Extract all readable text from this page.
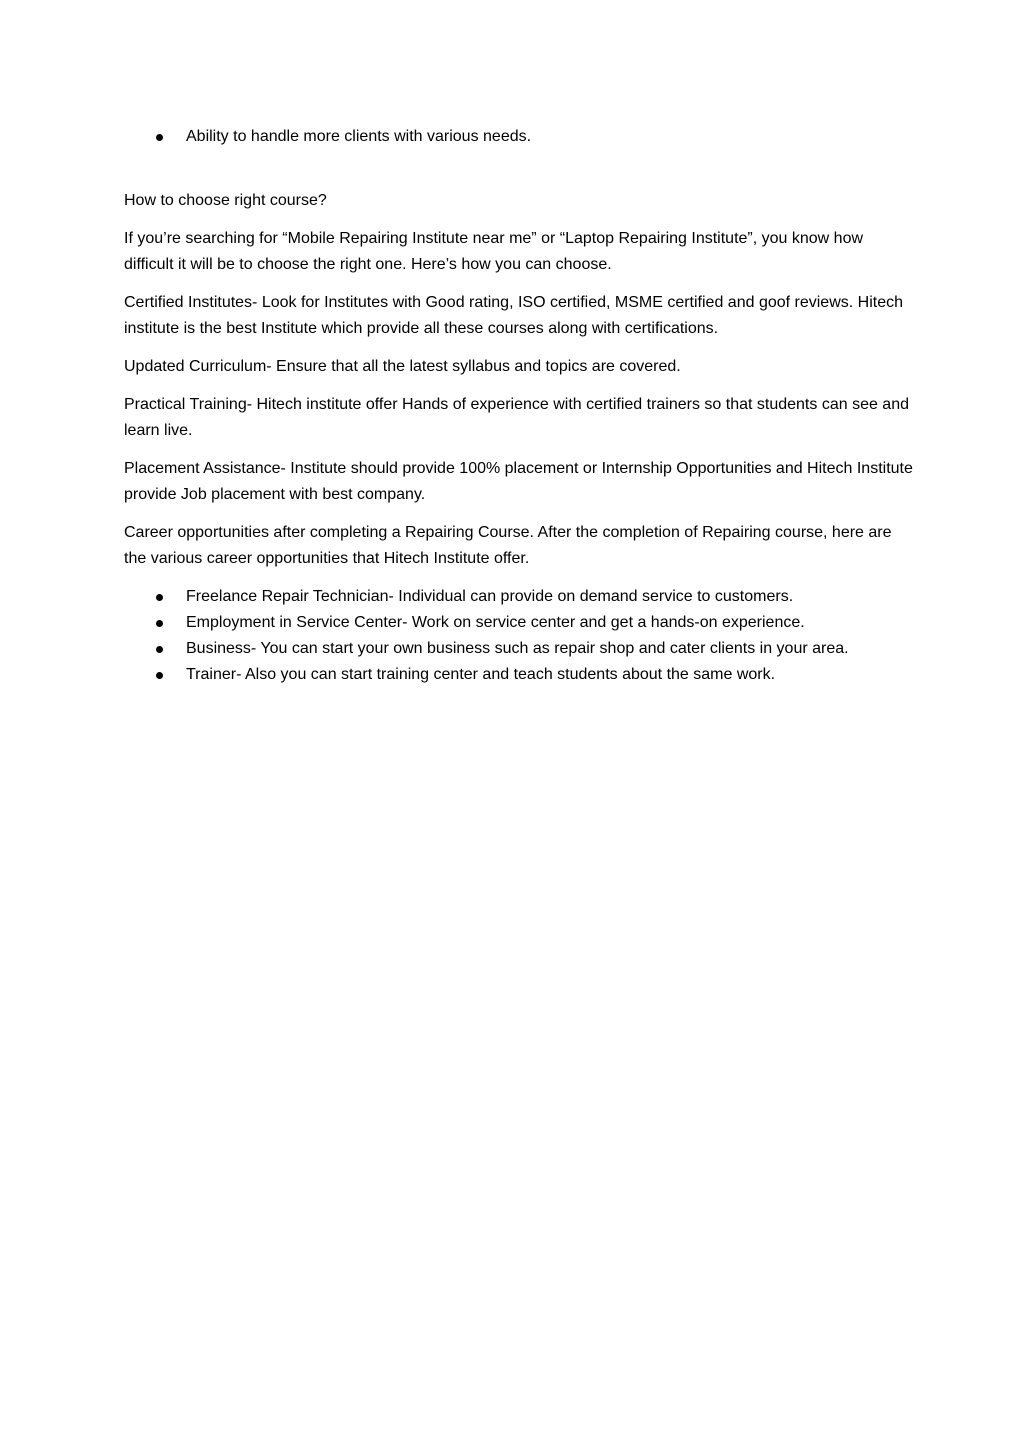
Ability to handle more clients with various needs.

How to choose right course?

If you’re searching for “Mobile Repairing Institute near me” or “Laptop Repairing Institute”, you know how difficult it will be to choose the right one. Here’s how you can choose.

Certified Institutes- Look for Institutes with Good rating, ISO certified, MSME certified and goof reviews. Hitech institute is the best Institute which provide all these courses along with certifications.

Updated Curriculum- Ensure that all the latest syllabus and topics are covered.

Practical Training- Hitech institute offer Hands of experience with certified trainers so that students can see and learn live.

Placement Assistance- Institute should provide 100% placement or Internship Opportunities and Hitech Institute provide Job placement with best company.

Career opportunities after completing a Repairing Course. After the completion of Repairing course, here are the various career opportunities that Hitech Institute offer.

Freelance Repair Technician- Individual can provide on demand service to customers.
Employment in Service Center- Work on service center and get a hands-on experience.
Business- You can start your own business such as repair shop and cater clients in your area.
Trainer- Also you can start training center and teach students about the same work.
